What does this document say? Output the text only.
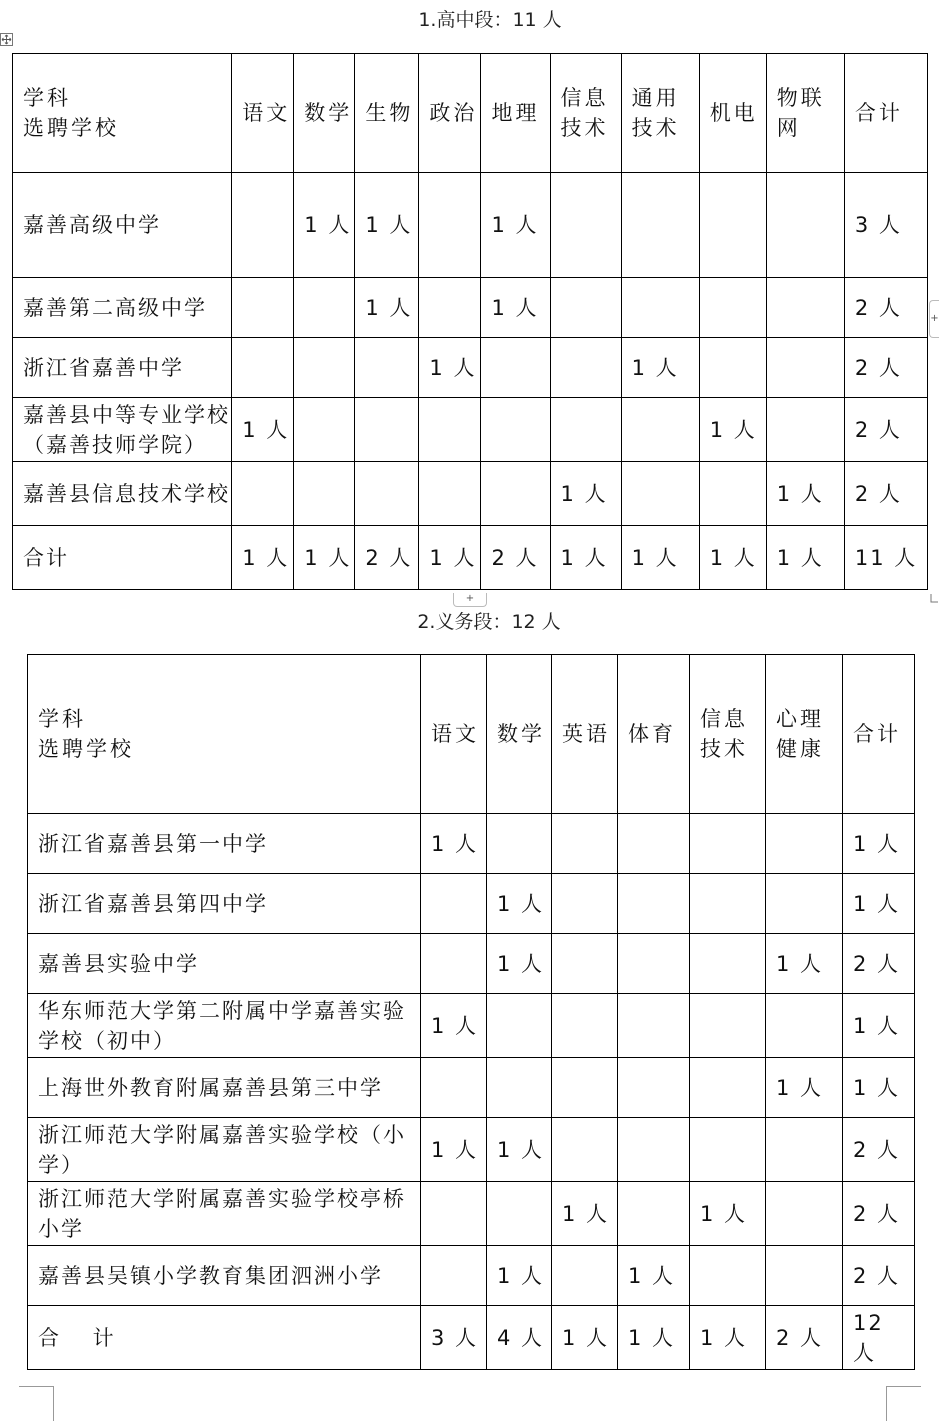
1.高中段：11 人
学科
选聘学校	语文	数学	生物	政治	地理	信息技术	通用技术	机电	物联网	合计
嘉善高级中学		1 人	1 人		1 人					3 人
嘉善第二高级中学			1 人		1 人					2 人
浙江省嘉善中学				1 人			1 人			2 人
嘉善县中等专业学校（嘉善技师学院）	1 人							1 人		2 人
嘉善县信息技术学校						1 人			1 人	2 人
合计	1 人	1 人	2 人	1 人	2 人	1 人	1 人	1 人	1 人	11 人
2.义务段：12 人
学科
选聘学校	语文	数学	英语	体育	信息技术	心理健康	合计
浙江省嘉善县第一中学	1 人						1 人
浙江省嘉善县第四中学		1 人					1 人
嘉善县实验中学		1 人				1 人	2 人
华东师范大学第二附属中学嘉善实验学校（初中）	1 人						1 人
上海世外教育附属嘉善县第三中学						1 人	1 人
浙江师范大学附属嘉善实验学校（小学）	1 人	1 人					2 人
浙江师范大学附属嘉善实验学校亭桥小学			1 人		1 人		2 人
嘉善县吴镇小学教育集团泗洲小学		1 人		1 人			2 人
合　 计	3 人	4 人	1 人	1 人	1 人	2 人	12 人
+
+
